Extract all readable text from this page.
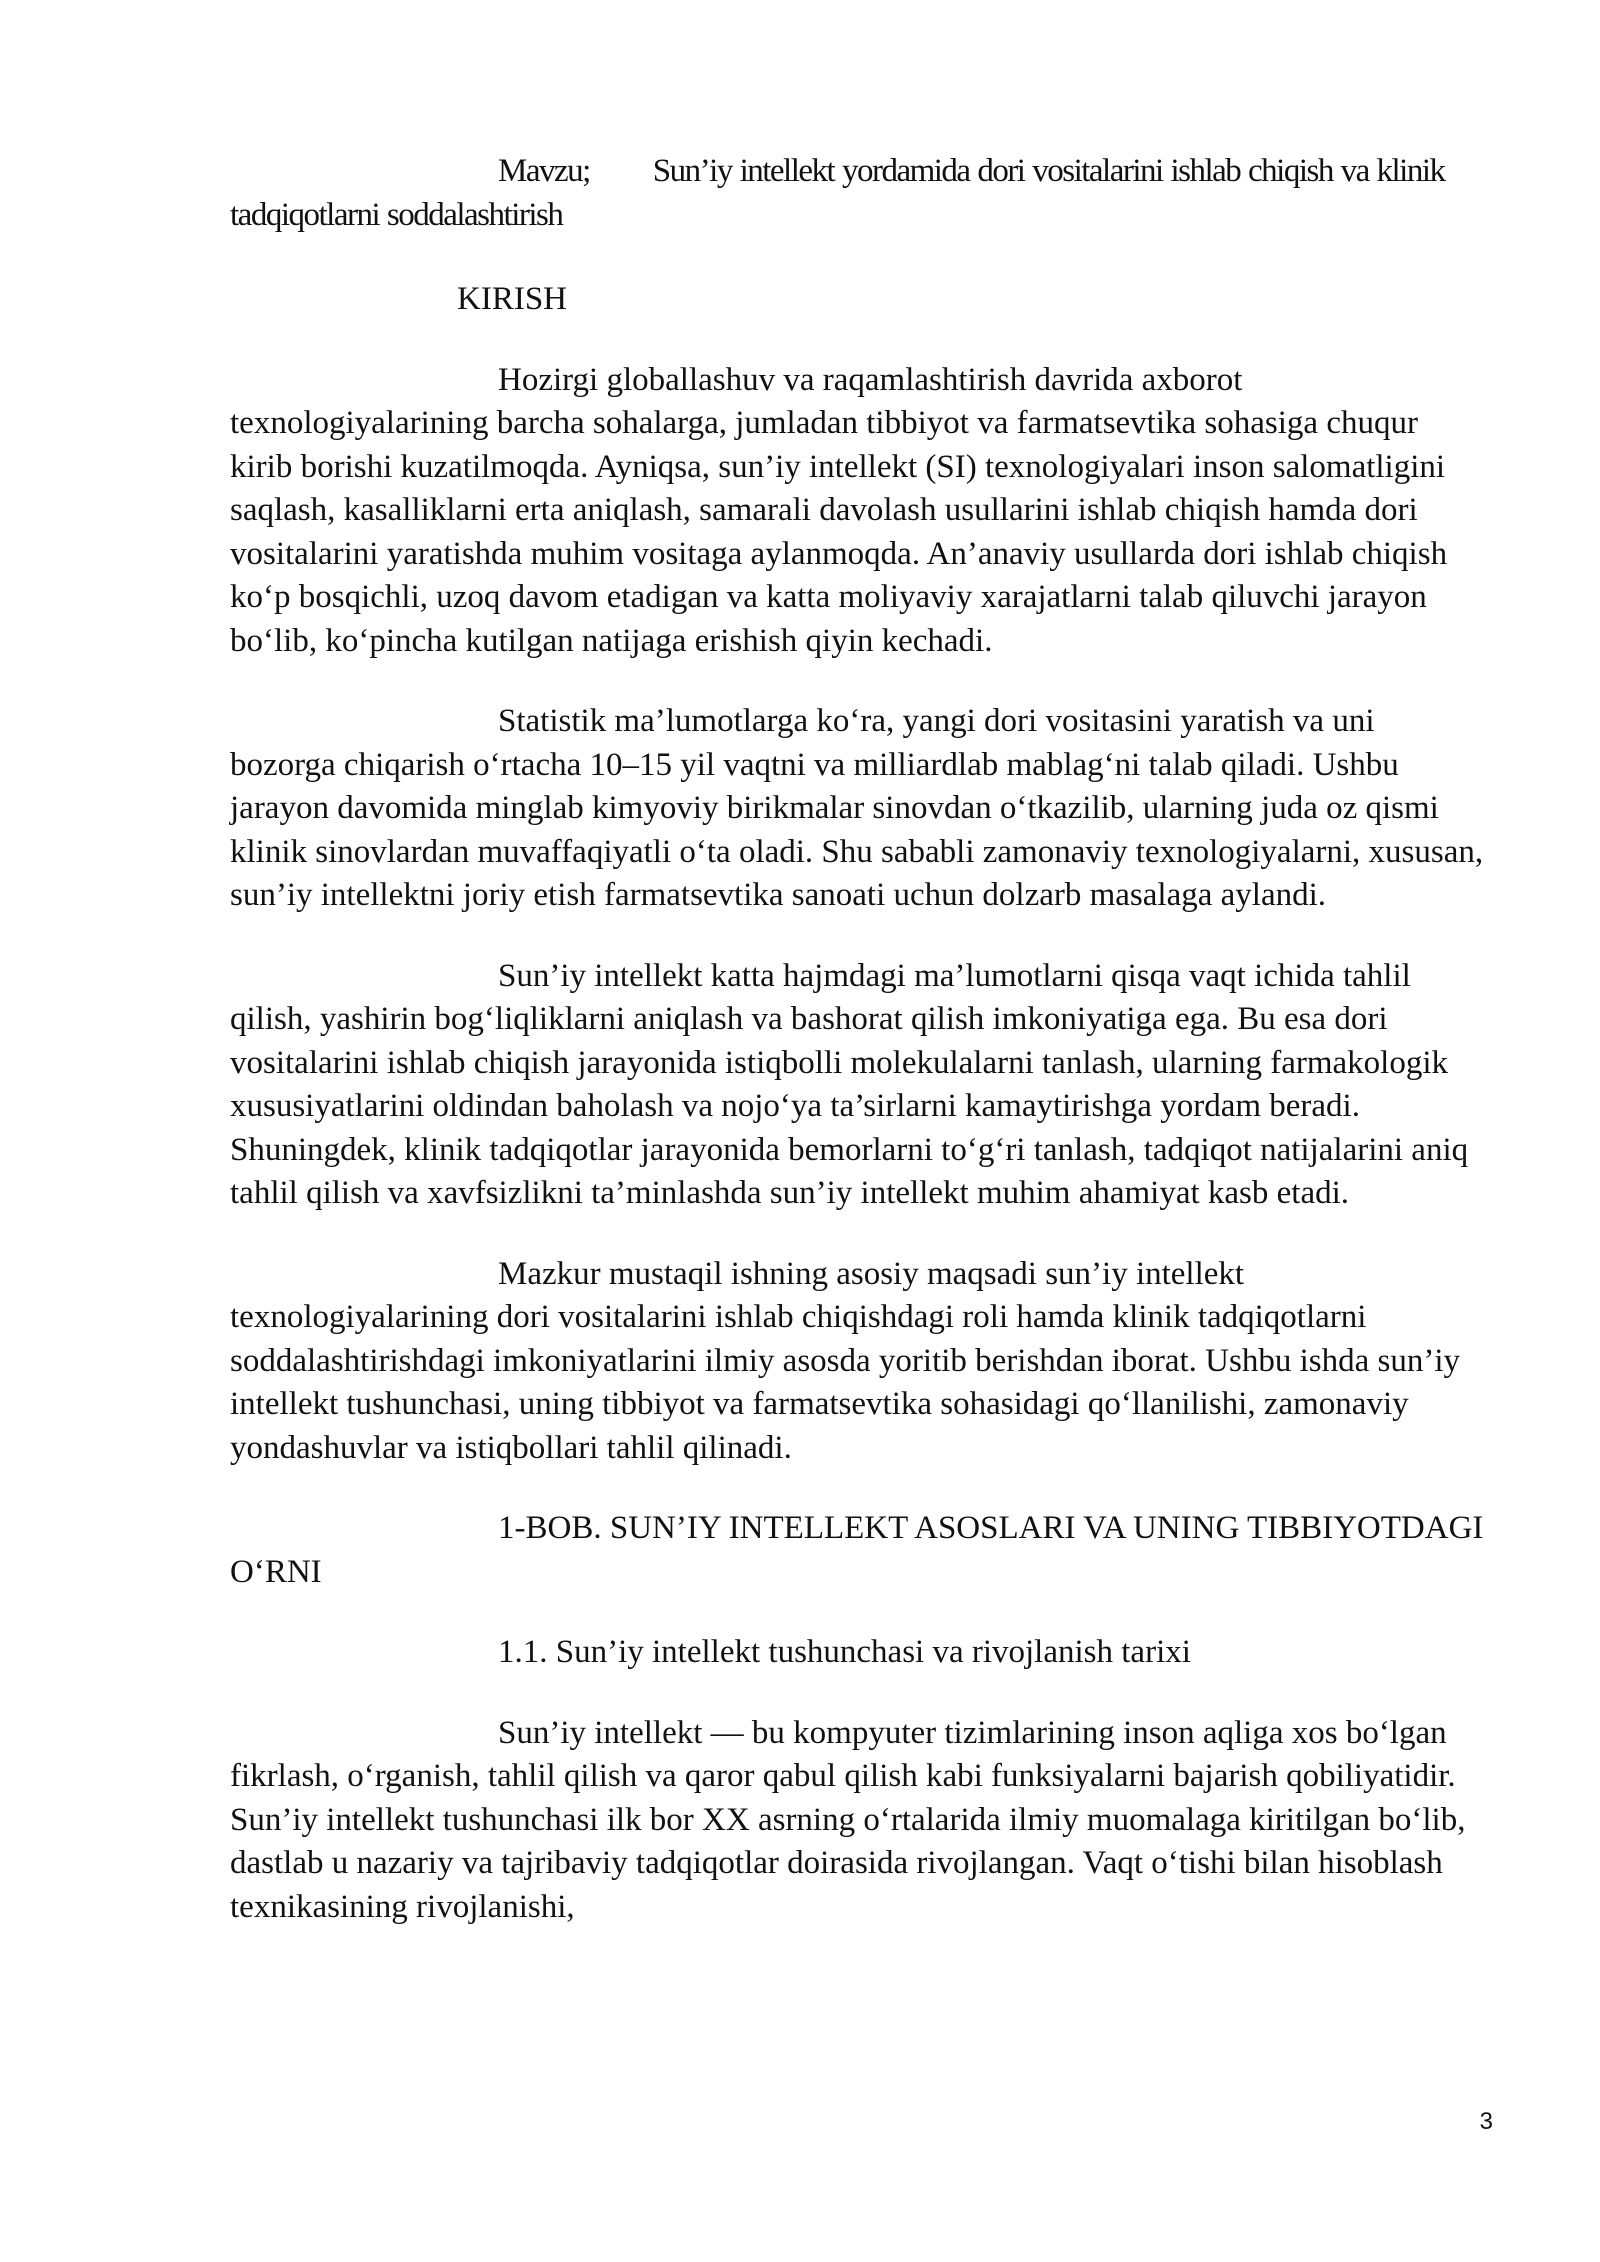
Mavzu;  Sun’iy intellekt yordamida dori vositalarini ishlab chiqish va klinik tadqiqotlarni soddalashtirish

KIRISH

Hozirgi globallashuv va raqamlashtirish davrida axborot texnologiyalarining barcha sohalarga, jumladan tibbiyot va farmatsevtika sohasiga chuqur kirib borishi kuzatilmoqda. Ayniqsa, sun’iy intellekt (SI) texnologiyalari inson salomatligini saqlash, kasalliklarni erta aniqlash, samarali davolash usullarini ishlab chiqish hamda dori vositalarini yaratishda muhim vositaga aylanmoqda. An’anaviy usullarda dori ishlab chiqish ko‘p bosqichli, uzoq davom etadigan va katta moliyaviy xarajatlarni talab qiluvchi jarayon bo‘lib, ko‘pincha kutilgan natijaga erishish qiyin kechadi.

Statistik ma’lumotlarga ko‘ra, yangi dori vositasini yaratish va uni bozorga chiqarish o‘rtacha 10–15 yil vaqtni va milliardlab mablag‘ni talab qiladi. Ushbu jarayon davomida minglab kimyoviy birikmalar sinovdan o‘tkazilib, ularning juda oz qismi klinik sinovlardan muvaffaqiyatli o‘ta oladi. Shu sababli zamonaviy texnologiyalarni, xususan, sun’iy intellektni joriy etish farmatsevtika sanoati uchun dolzarb masalaga aylandi.

Sun’iy intellekt katta hajmdagi ma’lumotlarni qisqa vaqt ichida tahlil qilish, yashirin bog‘liqliklarni aniqlash va bashorat qilish imkoniyatiga ega. Bu esa dori vositalarini ishlab chiqish jarayonida istiqbolli molekulalarni tanlash, ularning farmakologik xususiyatlarini oldindan baholash va nojo‘ya ta’sirlarni kamaytirishga yordam beradi. Shuningdek, klinik tadqiqotlar jarayonida bemorlarni to‘g‘ri tanlash, tadqiqot natijalarini aniq tahlil qilish va xavfsizlikni ta’minlashda sun’iy intellekt muhim ahamiyat kasb etadi.

Mazkur mustaqil ishning asosiy maqsadi sun’iy intellekt texnologiyalarining dori vositalarini ishlab chiqishdagi roli hamda klinik tadqiqotlarni soddalashtirishdagi imkoniyatlarini ilmiy asosda yoritib berishdan iborat. Ushbu ishda sun’iy intellekt tushunchasi, uning tibbiyot va farmatsevtika sohasidagi qo‘llanilishi, zamonaviy yondashuvlar va istiqbollari tahlil qilinadi.

1-BOB. SUN’IY INTELLEKT ASOSLARI VA UNING TIBBIYOTDAGI O‘RNI

1.1. Sun’iy intellekt tushunchasi va rivojlanish tarixi

Sun’iy intellekt — bu kompyuter tizimlarining inson aqliga xos bo‘lgan fikrlash, o‘rganish, tahlil qilish va qaror qabul qilish kabi funksiyalarni bajarish qobiliyatidir. Sun’iy intellekt tushunchasi ilk bor XX asrning o‘rtalarida ilmiy muomalaga kiritilgan bo‘lib, dastlab u nazariy va tajribaviy tadqiqotlar doirasida rivojlangan. Vaqt o‘tishi bilan hisoblash texnikasining rivojlanishi,

3
